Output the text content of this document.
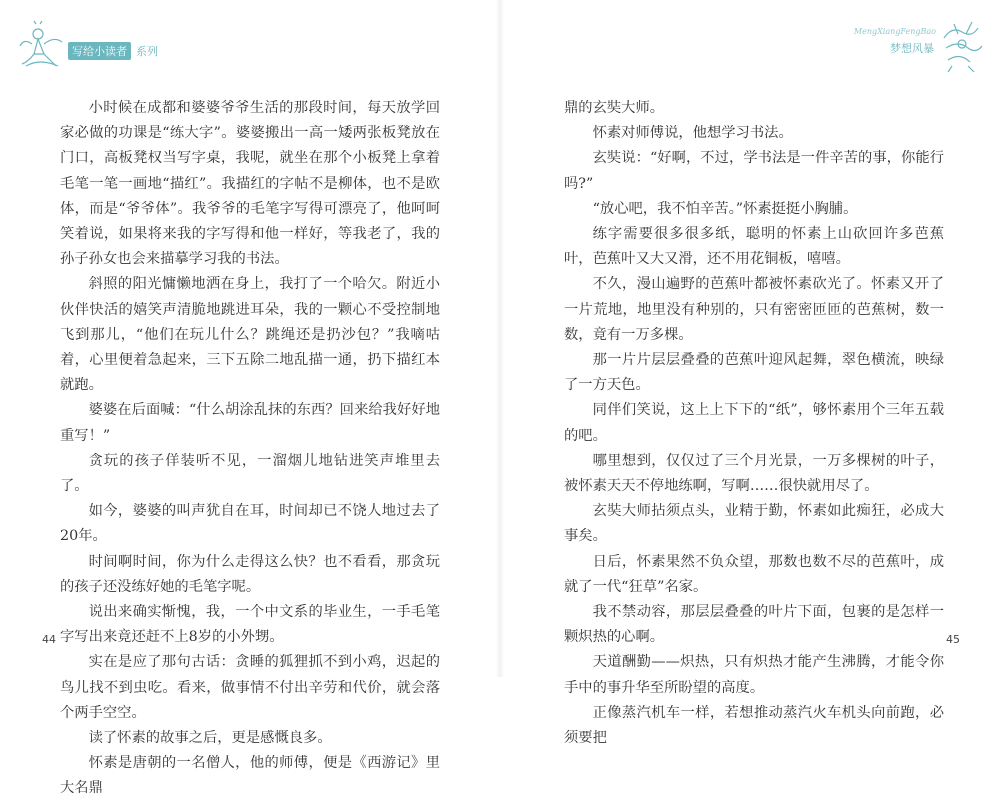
写给小读者 系列

小时候在成都和婆婆爷爷生活的那段时间，每天放学回家必做的功课是“练大字”。婆婆搬出一高一矮两张板凳放在门口，高板凳权当写字桌，我呢，就坐在那个小板凳上拿着毛笔一笔一画地“描红”。我描红的字帖不是柳体，也不是欧体，而是“爷爷体”。我爷爷的毛笔字写得可漂亮了，他呵呵笑着说，如果将来我的字写得和他一样好，等我老了，我的孙子孙女也会来描摹学习我的书法。

斜照的阳光慵懒地洒在身上，我打了一个哈欠。附近小伙伴快活的嬉笑声清脆地跳进耳朵，我的一颗心不受控制地飞到那儿，“他们在玩儿什么？跳绳还是扔沙包？”我嘀咕着，心里便着急起来，三下五除二地乱描一通，扔下描红本就跑。

婆婆在后面喊：“什么胡涂乱抹的东西？回来给我好好地重写！”

贪玩的孩子佯装听不见，一溜烟儿地钻进笑声堆里去了。

如今，婆婆的叫声犹自在耳，时间却已不饶人地过去了20年。

时间啊时间，你为什么走得这么快？也不看看，那贪玩的孩子还没练好她的毛笔字呢。

说出来确实惭愧，我，一个中文系的毕业生，一手毛笔字写出来竟还赶不上8岁的小外甥。

实在是应了那句古话：贪睡的狐狸抓不到小鸡，迟起的鸟儿找不到虫吃。看来，做事情不付出辛劳和代价，就会落个两手空空。

读了怀素的故事之后，更是感慨良多。

怀素是唐朝的一名僧人，他的师傅，便是《西游记》里大名鼎

44
MengXiangFengBao
梦想风暴

鼎的玄奘大师。

怀素对师傅说，他想学习书法。

玄奘说：“好啊，不过，学书法是一件辛苦的事，你能行吗?”

“放心吧，我不怕辛苦。”怀素挺挺小胸脯。

练字需要很多很多纸，聪明的怀素上山砍回许多芭蕉叶，芭蕉叶又大又滑，还不用花铜板，嘻嘻。

不久，漫山遍野的芭蕉叶都被怀素砍光了。怀素又开了一片荒地，地里没有种别的，只有密密匝匝的芭蕉树，数一数，竟有一万多棵。

那一片片层层叠叠的芭蕉叶迎风起舞，翠色横流，映绿了一方天色。

同伴们笑说，这上上下下的“纸”，够怀素用个三年五载的吧。

哪里想到，仅仅过了三个月光景，一万多棵树的叶子，被怀素天天不停地练啊，写啊……很快就用尽了。

玄奘大师拈须点头，业精于勤，怀素如此痴狂，必成大事矣。

日后，怀素果然不负众望，那数也数不尽的芭蕉叶，成就了一代“狂草”名家。

我不禁动容，那层层叠叠的叶片下面，包裹的是怎样一颗炽热的心啊。

天道酬勤——炽热，只有炽热才能产生沸腾，才能令你手中的事升华至所盼望的高度。

正像蒸汽机车一样，若想推动蒸汽火车机头向前跑，必须要把

45
